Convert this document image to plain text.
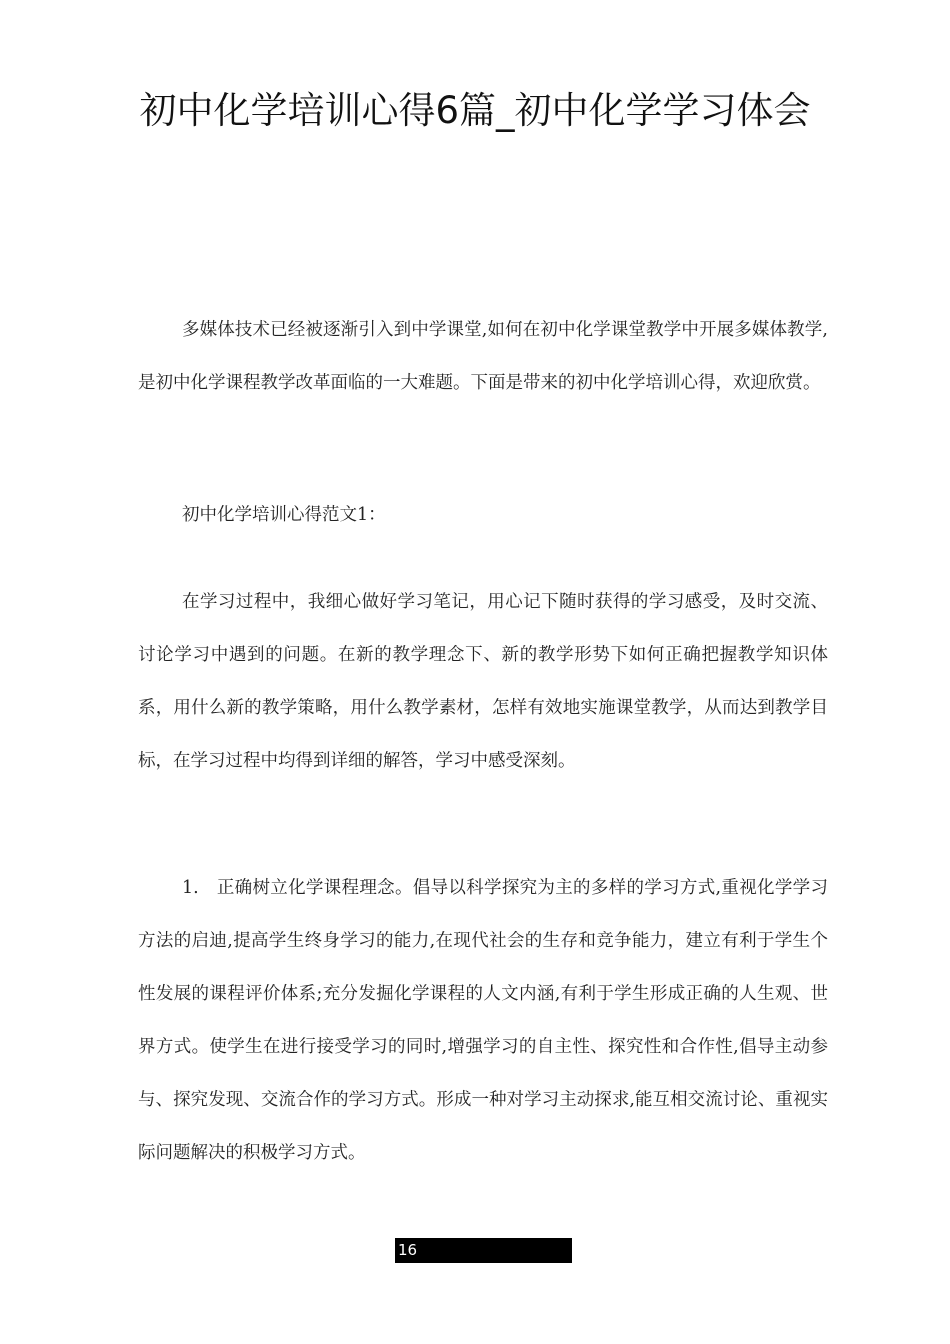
初中化学培训心得6篇_初中化学学习体会

多媒体技术已经被逐渐引入到中学课堂,如何在初中化学课堂教学中开展多媒体教学,是初中化学课程教学改革面临的一大难题。下面是带来的初中化学培训心得，欢迎欣赏。

初中化学培训心得范文1：

在学习过程中，我细心做好学习笔记，用心记下随时获得的学习感受，及时交流、讨论学习中遇到的问题。在新的教学理念下、新的教学形势下如何正确把握教学知识体系，用什么新的教学策略，用什么教学素材，怎样有效地实施课堂教学，从而达到教学目标，在学习过程中均得到详细的解答，学习中感受深刻。

1.　正确树立化学课程理念。倡导以科学探究为主的多样的学习方式,重视化学学习方法的启迪,提高学生终身学习的能力,在现代社会的生存和竞争能力，建立有利于学生个性发展的课程评价体系;充分发掘化学课程的人文内涵,有利于学生形成正确的人生观、世界方式。使学生在进行接受学习的同时,增强学习的自主性、探究性和合作性,倡导主动参与、探究发现、交流合作的学习方式。形成一种对学习主动探求,能互相交流讨论、重视实际问题解决的积极学习方式。

16
